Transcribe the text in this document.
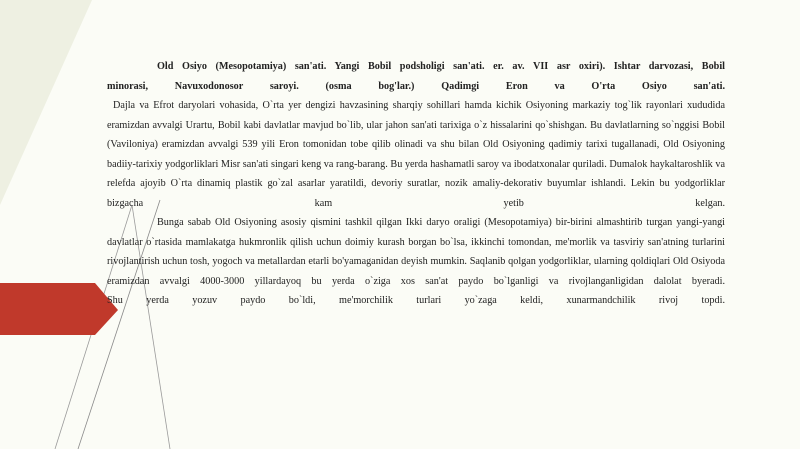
Old Osiyo (Mesopotamiya) san'ati. Yangi Bobil podsholigi san'ati. er. av. VII asr oxiri). Ishtar darvozasi, Bobil

minorasi, Navuxodonosor saroyi. (osma bog'lar.) Qadimgi Eron va O'rta Osiyo san'ati.

Dajla va Efrot daryolari vohasida, O`rta yer dengizi havzasining sharqiy sohillari hamda kichik Osiyoning markaziy tog`lik rayonlari xududida eramizdan avvalgi Urartu, Bobil kabi davlatlar mavjud bo`lib, ular jahon san'ati tarixiga o`z hissalarini qo`shishgan. Bu davlatlarning so`nggisi Bobil (Vaviloniya) eramizdan avvalgi 539 yili Eron tomonidan tobe qilib olinadi va shu bilan Old Osiyoning qadimiy tarixi tugallanadi, Old Osiyoning badiiy-tarixiy yodgorliklari Misr san'ati singari keng va rang-barang. Bu yerda hashamatli saroy va ibodatxonalar quriladi. Dumalok haykaltaroshlik va relefda ajoyib O`rta dinamiq plastik go`zal asarlar yaratildi, devoriy suratlar, nozik amaliy-dekorativ buyumlar ishlandi. Lekin bu yodgorliklar bizgacha kam yetib kelgan.

Bunga sabab Old Osiyoning asosiy qismini tashkil qilgan Ikki daryo oraligi (Mesopotamiya) bir-birini almashtirib turgan yangi-yangi davlatlar o`rtasida mamlakatga hukmronlik qilish uchun doimiy kurash borgan bo`lsa, ikkinchi tomondan, me'morlik va tasviriy san'atning turlarini rivojlantirish uchun tosh, yogoch va metallardan etarli bo'yamaganidan deyish mumkin. Saqlanib qolgan yodgorliklar, ularning qoldiqlari Old Osiyoda eramizdan avvalgi 4000-3000 yillardayoq bu yerda o`ziga xos san'at paydo bo`lganligi va rivojlanganligidan dalolat byeradi.

Shu yerda yozuv paydo bo`ldi, me'morchilik turlari yo`zaga keldi, xunarmandchilik rivoj topdi.
